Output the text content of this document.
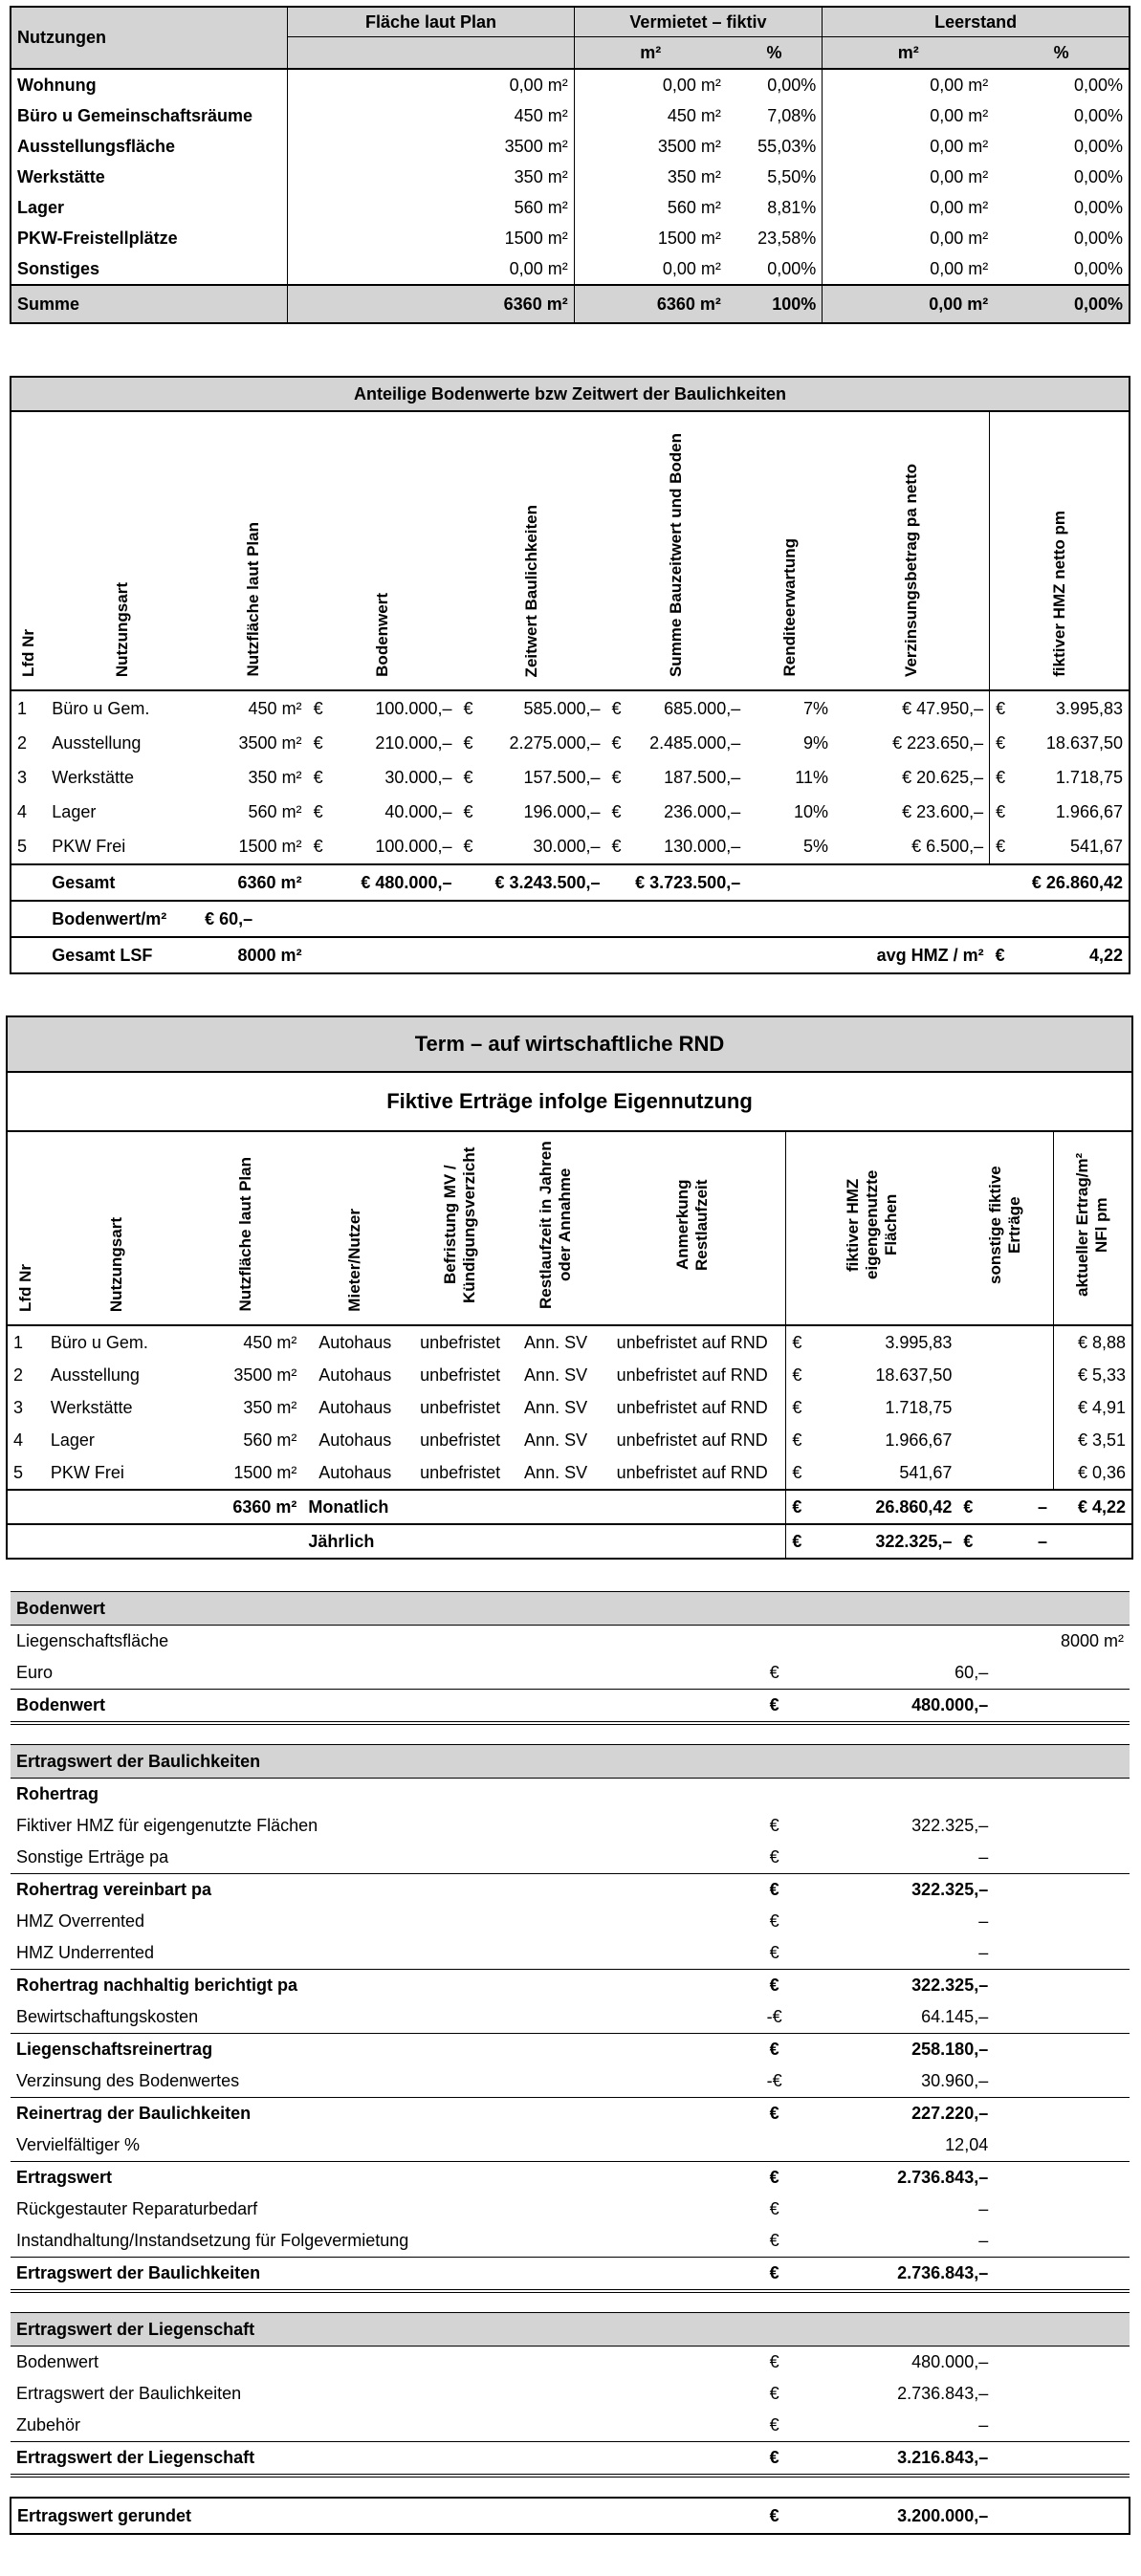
Nutzungen	Fläche laut Plan	Vermietet – fiktiv		Leerstand	
		m²	%	m²	%
Wohnung	0,00 m²	0,00 m²	0,00%	0,00 m²	0,00%
Büro u Gemeinschaftsräume	450 m²	450 m²	7,08%	0,00 m²	0,00%
Ausstellungsfläche	3500 m²	3500 m²	55,03%	0,00 m²	0,00%
Werkstätte	350 m²	350 m²	5,50%	0,00 m²	0,00%
Lager	560 m²	560 m²	8,81%	0,00 m²	0,00%
PKW-Freistellplätze	1500 m²	1500 m²	23,58%	0,00 m²	0,00%
Sonstiges	0,00 m²	0,00 m²	0,00%	0,00 m²	0,00%
Summe	6360 m²	6360 m²	100%	0,00 m²	0,00%
Anteilige Bodenwerte bzw Zeitwert der Baulichkeiten												
Lfd Nr	Nutzungsart	Nutzfläche laut Plan	Bodenwert		Zeitwert Baulichkeiten		Summe Bauzeitwert und Boden		Renditeerwartung	Verzinsungsbetrag pa netto	fiktiver HMZ netto pm	
1	Büro u Gem.	450 m²	€	100.000,–	€	585.000,–	€	685.000,–	7%	€ 47.950,–	€	3.995,83
2	Ausstellung	3500 m²	€	210.000,–	€	2.275.000,–	€	2.485.000,–	9%	€ 223.650,–	€	18.637,50
3	Werkstätte	350 m²	€	30.000,–	€	157.500,–	€	187.500,–	11%	€ 20.625,–	€	1.718,75
4	Lager	560 m²	€	40.000,–	€	196.000,–	€	236.000,–	10%	€ 23.600,–	€	1.966,67
5	PKW Frei	1500 m²	€	100.000,–	€	30.000,–	€	130.000,–	5%	€ 6.500,–	€	541,67
	Gesamt	6360 m²	€ 480.000,–		€ 3.243.500,–		€ 3.723.500,–				€ 26.860,42	
	Bodenwert/m²	€ 60,–										
	Gesamt LSF	8000 m²								avg HMZ / m²	€	4,22
Term – auf wirtschaftliche RND											
Fiktive Erträge infolge Eigennutzung											
Lfd Nr	Nutzungsart	Nutzfläche laut Plan	Mieter/Nutzer	Befristung MV / Kündigungsverzicht	Restlaufzeit in Jahren oder Annahme	Anmerkung Restlaufzeit	fiktiver HMZ eigengenutzte Flächen		sonstige fiktive Erträge		aktueller Ertrag/m² NFl pm
1	Büro u Gem.	450 m²	Autohaus	unbefristet	Ann. SV	unbefristet auf RND	€	3.995,83			€ 8,88
2	Ausstellung	3500 m²	Autohaus	unbefristet	Ann. SV	unbefristet auf RND	€	18.637,50			€ 5,33
3	Werkstätte	350 m²	Autohaus	unbefristet	Ann. SV	unbefristet auf RND	€	1.718,75			€ 4,91
4	Lager	560 m²	Autohaus	unbefristet	Ann. SV	unbefristet auf RND	€	1.966,67			€ 3,51
5	PKW Frei	1500 m²	Autohaus	unbefristet	Ann. SV	unbefristet auf RND	€	541,67			€ 0,36
		6360 m²	Monatlich				€	26.860,42	€	–	€ 4,22
			Jährlich				€	322.325,–	€	–	
Bodenwert			
Liegenschaftsfläche			8000 m²
Euro	€	60,–	
Bodenwert	€	480.000,–	

Ertragswert der Baulichkeiten			
Rohertrag			
Fiktiver HMZ für eigengenutzte Flächen	€	322.325,–	
Sonstige Erträge pa	€	–	
Rohertrag vereinbart pa	€	322.325,–	
HMZ Overrented	€	–	
HMZ Underrented	€	–	
Rohertrag nachhaltig berichtigt pa	€	322.325,–	
Bewirtschaftungskosten	-€	64.145,–	
Liegenschaftsreinertrag	€	258.180,–	
Verzinsung des Bodenwertes	-€	30.960,–	
Reinertrag der Baulichkeiten	€	227.220,–	
Vervielfältiger %		12,04	
Ertragswert	€	2.736.843,–	
Rückgestauter Reparaturbedarf	€	–	
Instandhaltung/Instandsetzung für Folgevermietung	€	–	
Ertragswert der Baulichkeiten	€	2.736.843,–	

Ertragswert der Liegenschaft			
Bodenwert	€	480.000,–	
Ertragswert der Baulichkeiten	€	2.736.843,–	
Zubehör	€	–	
Ertragswert der Liegenschaft	€	3.216.843,–	

Ertragswert gerundet	€	3.200.000,–	
